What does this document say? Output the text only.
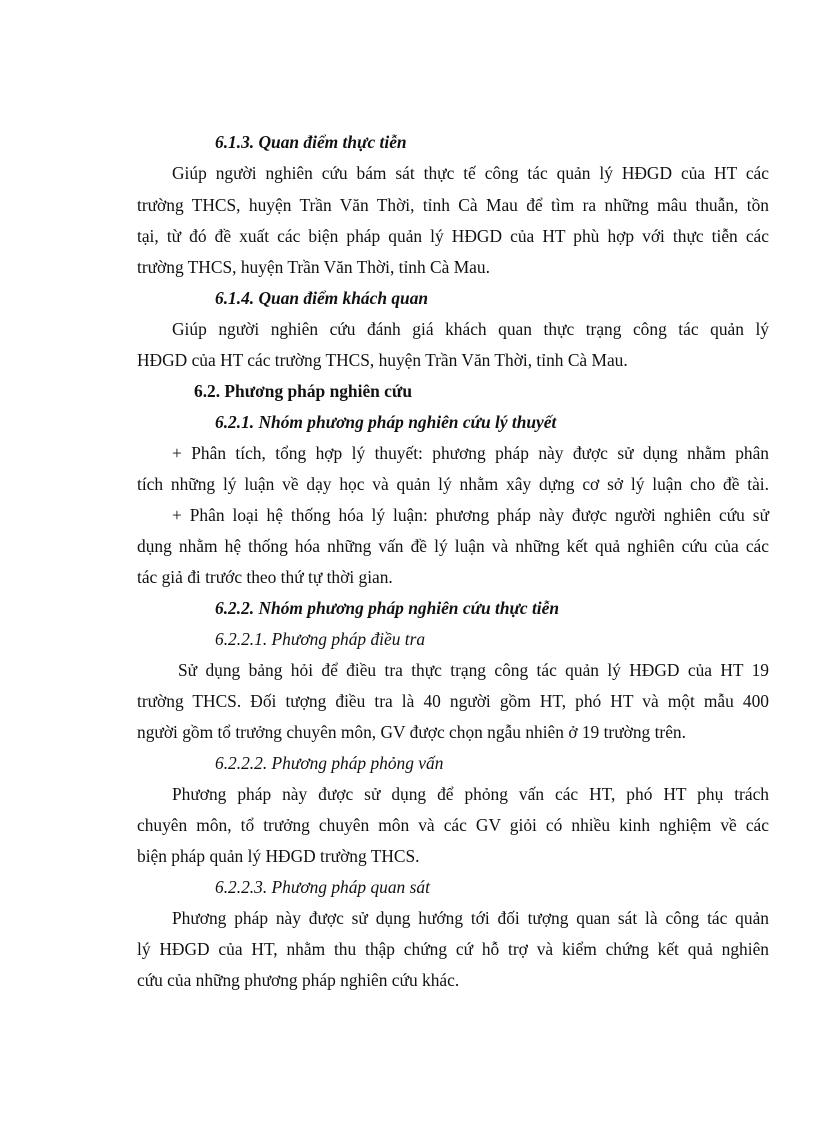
6.1.3. Quan điểm thực tiễn
Giúp người nghiên cứu bám sát thực tế công tác quản lý HĐGD của HT các
trường THCS, huyện Trần Văn Thời, tỉnh Cà Mau để tìm ra những mâu thuẫn, tồn
tại, từ đó đề xuất các biện pháp quản lý HĐGD của HT phù hợp với thực tiễn các
trường THCS, huyện Trần Văn Thời, tỉnh Cà Mau.
6.1.4. Quan điểm khách quan
Giúp người nghiên cứu đánh giá khách quan thực trạng công tác quản lý
HĐGD của HT các trường THCS, huyện Trần Văn Thời, tỉnh Cà Mau.
6.2. Phương pháp nghiên cứu
6.2.1. Nhóm phương pháp nghiên cứu lý thuyết
+ Phân tích, tổng hợp lý thuyết: phương pháp này được sử dụng nhằm phân
tích những lý luận về dạy học và quản lý nhằm xây dựng cơ sở lý luận cho đề tài.
+ Phân loại hệ thống hóa lý luận: phương pháp này được người nghiên cứu sử
dụng nhằm hệ thống hóa những vấn đề lý luận và những kết quả nghiên cứu của các
tác giả đi trước theo thứ tự thời gian.
6.2.2. Nhóm phương pháp nghiên cứu thực tiễn
6.2.2.1. Phương pháp điều tra
Sử dụng bảng hỏi để điều tra thực trạng công tác quản lý HĐGD của HT 19
trường THCS. Đối tượng điều tra là 40 người gồm HT, phó HT và một mẫu 400
người gồm tổ trưởng chuyên môn, GV được chọn ngẫu nhiên ở 19 trường trên.
6.2.2.2. Phương pháp phỏng vấn
Phương pháp này được sử dụng để phỏng vấn các HT, phó HT phụ trách
chuyên môn, tổ trưởng chuyên môn và các GV giỏi có nhiều kinh nghiệm về các
biện pháp quản lý HĐGD trường THCS.
6.2.2.3. Phương pháp quan sát
Phương pháp này được sử dụng hướng tới đối tượng quan sát là công tác quản
lý HĐGD của HT, nhằm thu thập chứng cứ hỗ trợ và kiểm chứng kết quả nghiên
cứu của những phương pháp nghiên cứu khác.
